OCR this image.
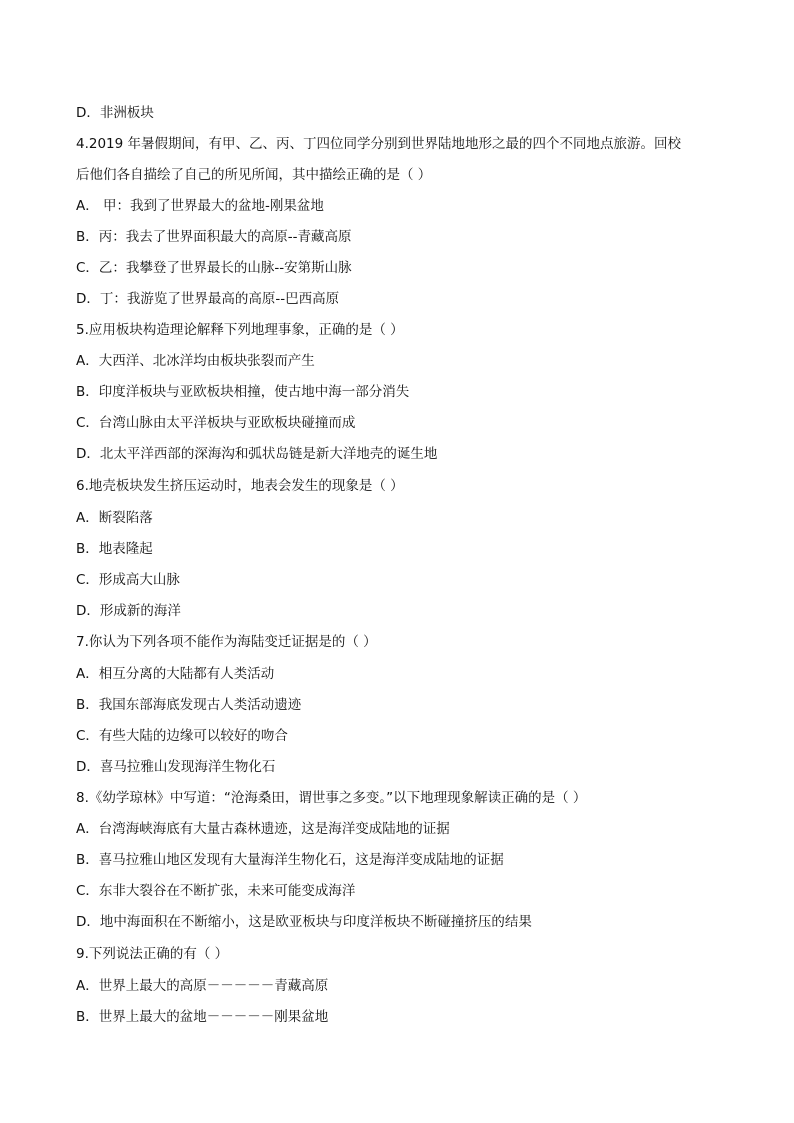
D．非洲板块
4.2019 年暑假期间，有甲、乙、丙、丁四位同学分别到世界陆地地形之最的四个不同地点旅游。回校
后他们各自描绘了自己的所见所闻，其中描绘正确的是（ ）
A． 甲：我到了世界最大的盆地-刚果盆地
B．丙：我去了世界面积最大的高原--青藏高原
C．乙：我攀登了世界最长的山脉--安第斯山脉
D．丁：我游览了世界最高的高原--巴西高原
5.应用板块构造理论解释下列地理事象，正确的是（ ）
A．大西洋、北冰洋均由板块张裂而产生
B．印度洋板块与亚欧板块相撞，使古地中海一部分消失
C．台湾山脉由太平洋板块与亚欧板块碰撞而成
D．北太平洋西部的深海沟和弧状岛链是新大洋地壳的诞生地
6.地壳板块发生挤压运动时，地表会发生的现象是（ ）
A．断裂陷落
B．地表隆起
C．形成高大山脉
D．形成新的海洋
7.你认为下列各项不能作为海陆变迁证据是的（ ）
A．相互分离的大陆都有人类活动
B．我国东部海底发现古人类活动遗迹
C．有些大陆的边缘可以较好的吻合
D．喜马拉雅山发现海洋生物化石
8.《幼学琼林》中写道：“沧海桑田，谓世事之多变。”以下地理现象解读正确的是（ ）
A．台湾海峡海底有大量古森林遗迹，这是海洋变成陆地的证据
B．喜马拉雅山地区发现有大量海洋生物化石，这是海洋变成陆地的证据
C．东非大裂谷在不断扩张，未来可能变成海洋
D．地中海面积在不断缩小，这是欧亚板块与印度洋板块不断碰撞挤压的结果
9.下列说法正确的有（ ）
A．世界上最大的高原－－－－－青藏高原
B．世界上最大的盆地－－－－－刚果盆地
